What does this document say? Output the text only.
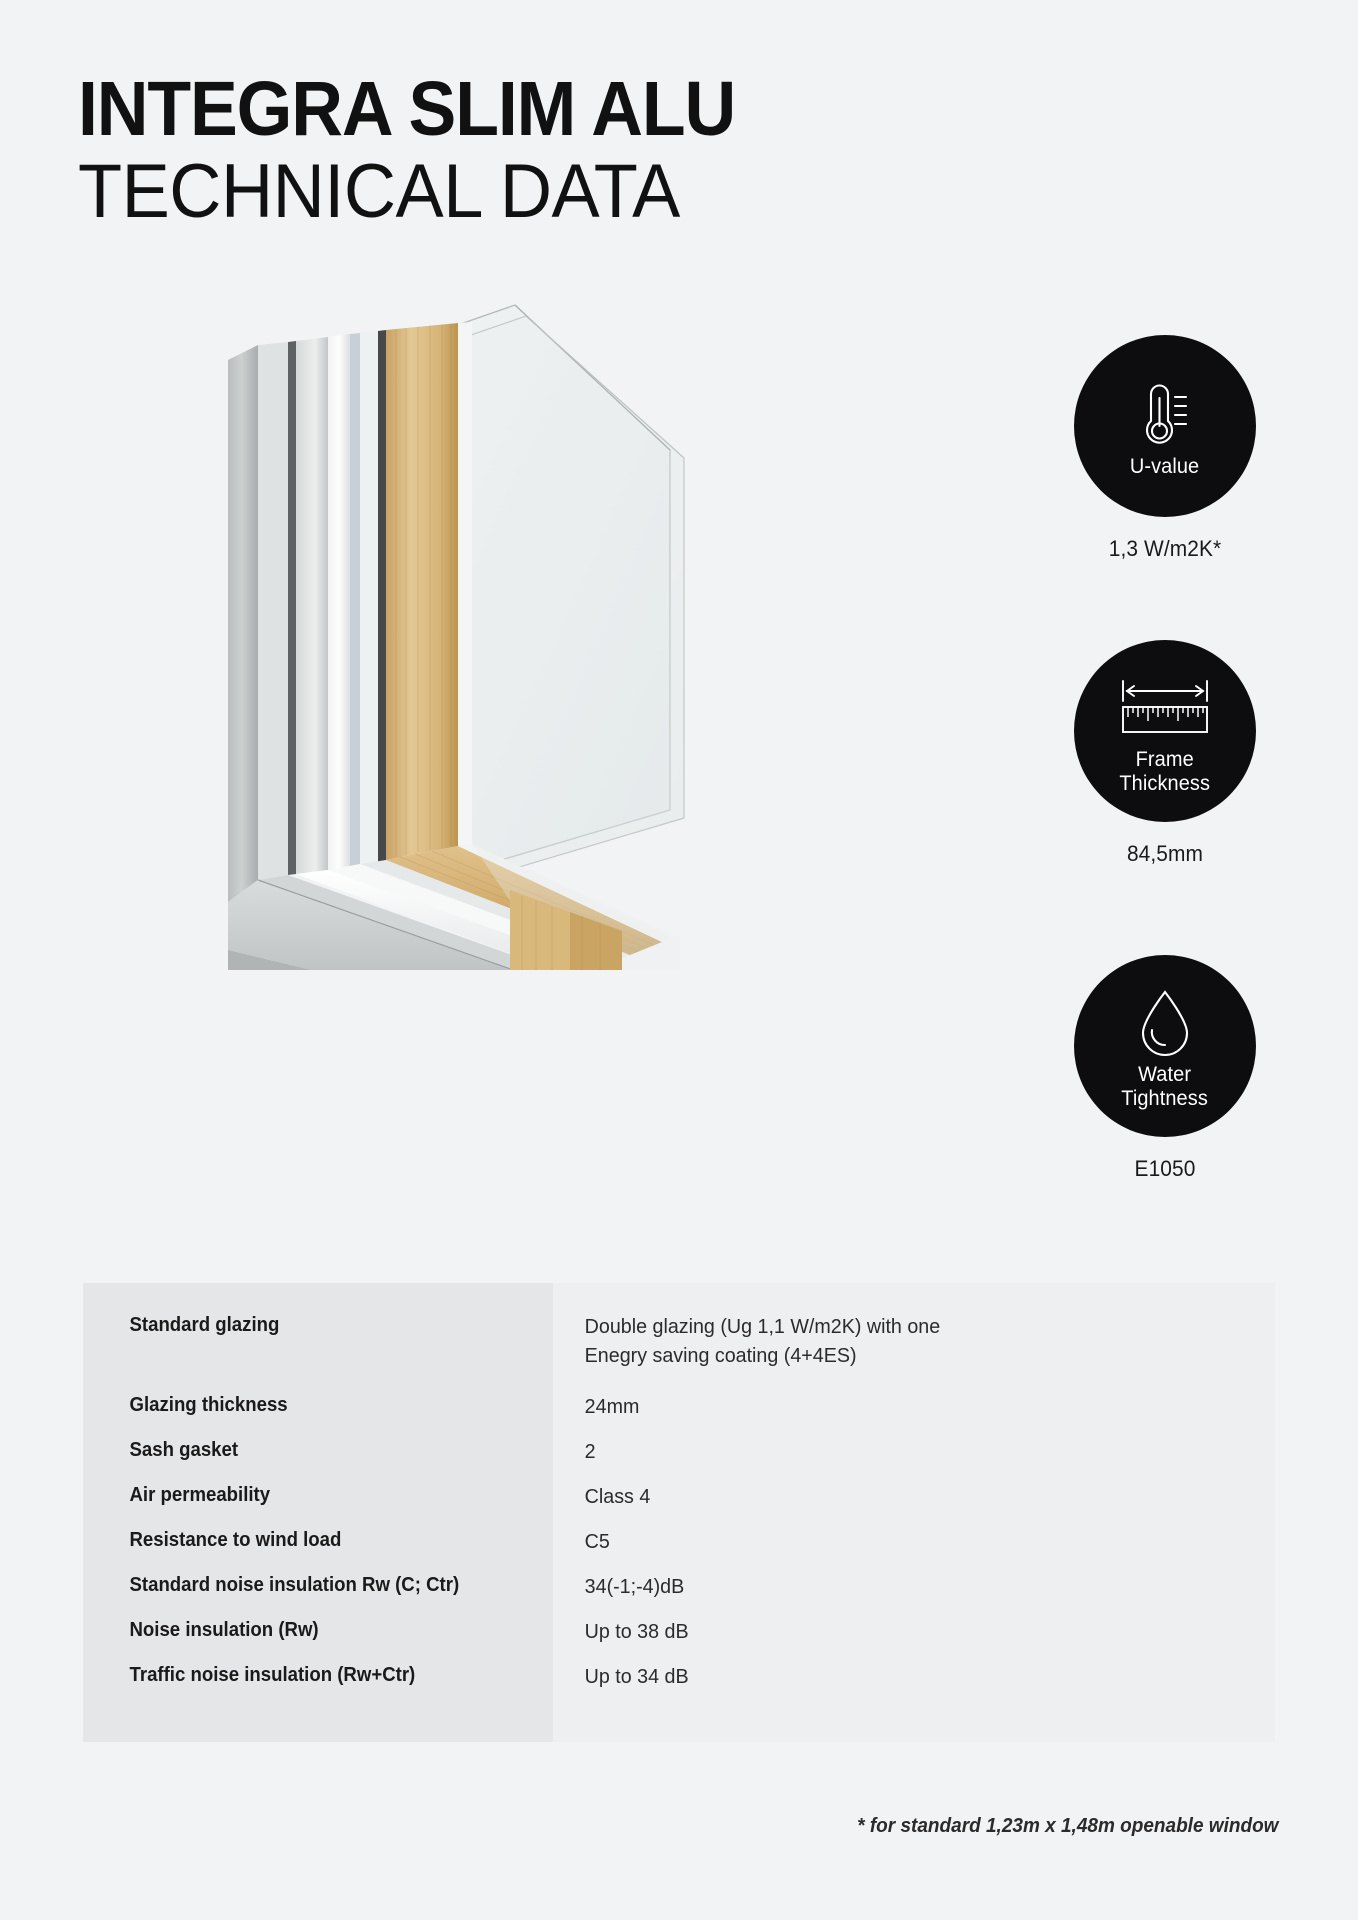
INTEGRA SLIM ALU
TECHNICAL DATA
U-value
1,3 W/m2K*
Frame
Thickness
84,5mm
Water
Tightness
E1050
Standard glazing	Double glazing (Ug 1,1 W/m2K) with one
Enegry saving coating (4+4ES)
Glazing thickness	24mm
Sash gasket	2
Air permeability	Class 4
Resistance to wind load	C5
Standard noise insulation Rw (C; Ctr)	34(-1;-4)dB
Noise insulation (Rw)	Up to 38 dB
Traffic noise insulation (Rw+Ctr)	Up to 34 dB
* for standard 1,23m x 1,48m openable window
